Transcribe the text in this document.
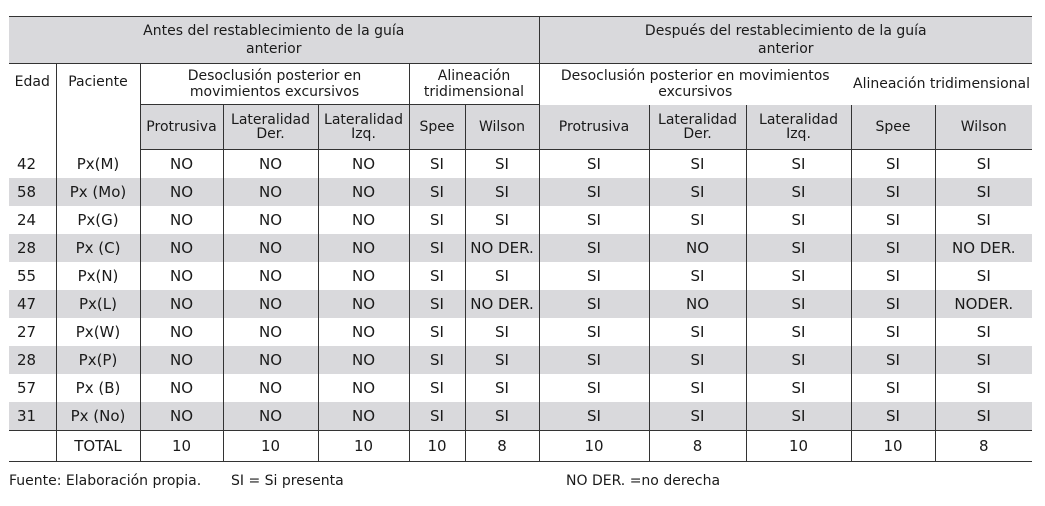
Antes del restablecimiento de la guía anterior							Después del restablecimiento de la guía anterior				

Edad	Paciente	Desoclusión posterior en movimientos excursivos			Alineación tridimensional		Desoclusión posterior en movimientos excursivos			Alineación tridimensional	
		Protrusiva	Lateralidad Der.	Lateralidad Izq.	Spee	Wilson	Protrusiva	Lateralidad Der.	Lateralidad Izq.	Spee	Wilson
42	Px(M)	NO	NO	NO	SI	SI	SI	SI	SI	SI	SI
58	Px (Mo)	NO	NO	NO	SI	SI	SI	SI	SI	SI	SI
24	Px(G)	NO	NO	NO	SI	SI	SI	SI	SI	SI	SI
28	Px (C)	NO	NO	NO	SI	NO DER.	SI	NO	SI	SI	NO DER.
55	Px(N)	NO	NO	NO	SI	SI	SI	SI	SI	SI	SI
47	Px(L)	NO	NO	NO	SI	NO DER.	SI	NO	SI	SI	NODER.
27	Px(W)	NO	NO	NO	SI	SI	SI	SI	SI	SI	SI
28	Px(P)	NO	NO	NO	SI	SI	SI	SI	SI	SI	SI
57	Px (B)	NO	NO	NO	SI	SI	SI	SI	SI	SI	SI
31	Px (No)	NO	NO	NO	SI	SI	SI	SI	SI	SI	SI
	TOTAL	10	10	10	10	8	10	8	10	10	8
Fuente: Elaboración propia. SI = Si presenta	NO DER. =no derecha
